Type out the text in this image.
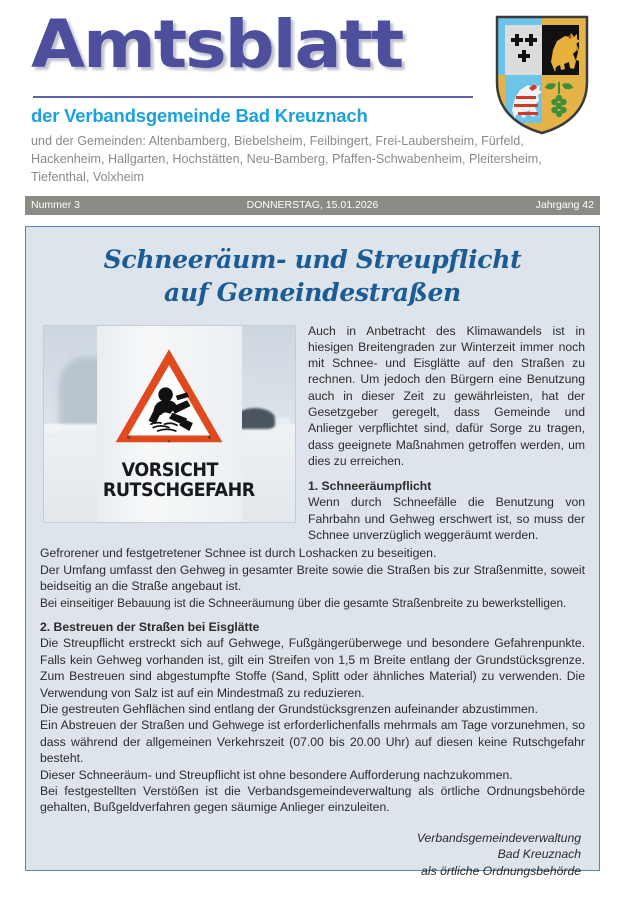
Amtsblatt
der Verbandsgemeinde Bad Kreuznach
und der Gemeinden: Altenbamberg, Biebelsheim, Feilbingert, Frei-Laubersheim, Fürfeld,
Hackenheim, Hallgarten, Hochstätten, Neu-Bamberg, Pfaffen-Schwabenheim, Pleitersheim,
Tiefenthal, Volxheim
Nummer 3	DONNERSTAG, 15.01.2026	Jahrgang 42
Schneeräum- und Streupflicht
auf Gemeindestraßen
VORSICHT
RUTSCHGEFAHR

Auch in Anbetracht des Klimawandels ist in hiesigen Breitengraden zur Winterzeit immer noch mit Schnee- und Eisglätte auf den Straßen zu rechnen. Um jedoch den Bürgern eine Benutzung auch in dieser Zeit zu gewährleisten, hat der Gesetzgeber geregelt, dass Gemeinde und Anlieger verpflichtet sind, dafür Sorge zu tragen, dass geeignete Maßnahmen getroffen werden, um dies zu erreichen.

1. Schneeräumpflicht

Wenn durch Schneefälle die Benutzung von Fahrbahn und Gehweg erschwert ist, so muss der Schnee unverzüglich weggeräumt werden.

Gefrorener und festgetretener Schnee ist durch Loshacken zu beseitigen.

Der Umfang umfasst den Gehweg in gesamter Breite sowie die Straßen bis zur Straßenmitte, soweit beidseitig an die Straße angebaut ist.

Bei einseitiger Bebauung ist die Schneeräumung über die gesamte Straßenbreite zu bewerkstelligen.

2. Bestreuen der Straßen bei Eisglätte

Die Streupflicht erstreckt sich auf Gehwege, Fußgängerüberwege und besondere Gefahrenpunkte. Falls kein Gehweg vorhanden ist, gilt ein Streifen von 1,5 m Breite entlang der Grundstücksgrenze. Zum Bestreuen sind abgestumpfte Stoffe (Sand, Splitt oder ähnliches Material) zu verwenden. Die Verwendung von Salz ist auf ein Mindestmaß zu reduzieren.

Die gestreuten Gehflächen sind entlang der Grundstücksgrenzen aufeinander abzustimmen.

Ein Abstreuen der Straßen und Gehwege ist erforderlichenfalls mehrmals am Tage vorzunehmen, so dass während der allgemeinen Verkehrszeit (07.00 bis 20.00 Uhr) auf diesen keine Rutschgefahr besteht.

Dieser Schneeräum- und Streupflicht ist ohne besondere Aufforderung nachzukommen.

Bei festgestellten Verstößen ist die Verbandsgemeindeverwaltung als örtliche Ordnungsbehörde gehalten, Bußgeldverfahren gegen säumige Anlieger einzuleiten.

Verbandsgemeindeverwaltung
Bad Kreuznach
als örtliche Ordnungsbehörde
